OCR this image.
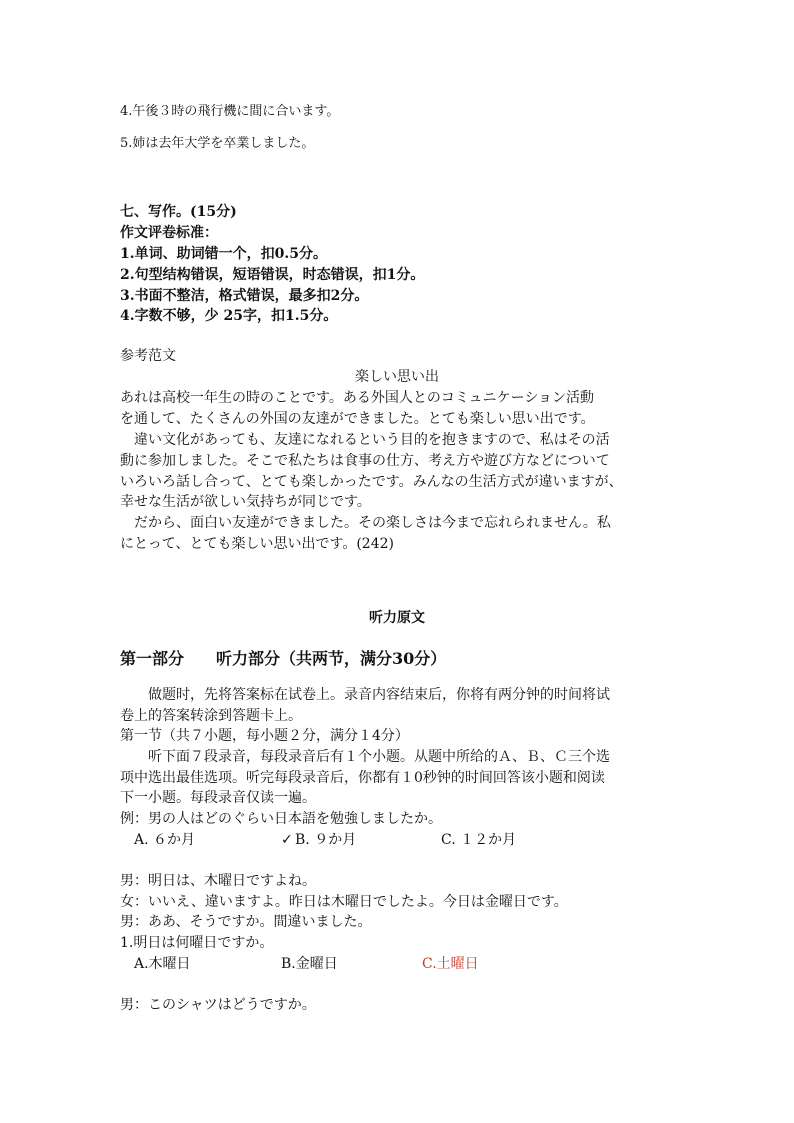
4.午後３時の飛行機に間に合います。
5.姉は去年大学を卒業しました。
七、写作。(15分)
作文评卷标准：
1.单词、助词错一个，扣0.5分。
2.句型结构错误，短语错误，时态错误，扣1分。
3.书面不整洁，格式错误，最多扣2分。
4.字数不够，少 25字，扣1.5分。
参考范文
楽しい思い出
あれは高校一年生の時のことです。ある外国人とのコミュニケーション活動
を通して、たくさんの外国の友達ができました。とても楽しい思い出です。
　違い文化があっても、友達になれるという目的を抱きますので、私はその活
動に参加しました。そこで私たちは食事の仕方、考え方や遊び方などについて
いろいろ話し合って、とても楽しかったです。みんなの生活方式が違いますが、
幸せな生活が欲しい気持ちが同じです。
　だから、面白い友達ができました。その楽しさは今まで忘れられません。私
にとって、とても楽しい思い出です。(242)
听力原文
第一部分　　听力部分（共两节，满分30分）
做题时，先将答案标在试卷上。录音内容结束后，你将有两分钟的时间将试
卷上的答案转涂到答题卡上。
第一节（共７小题，每小题２分，满分１4分）
听下面７段录音，每段录音后有１个小题。从题中所给的Ａ、Ｂ、Ｃ三个选
项中选出最佳选项。听完每段录音后，你都有１0秒钟的时间回答该小题和阅读
下一小题。每段录音仅读一遍。
例：男の人はどのぐらい日本語を勉強しましたか。
A. ６か月	✓ B. ９か月	C. １２か月
男：明日は、木曜日ですよね。
女：いいえ、違いますよ。昨日は木曜日でしたよ。今日は金曜日です。
男：ああ、そうですか。間違いました。
1.明日は何曜日ですか。
A.木曜日	B.金曜日	C.土曜日
男：このシャツはどうですか。
